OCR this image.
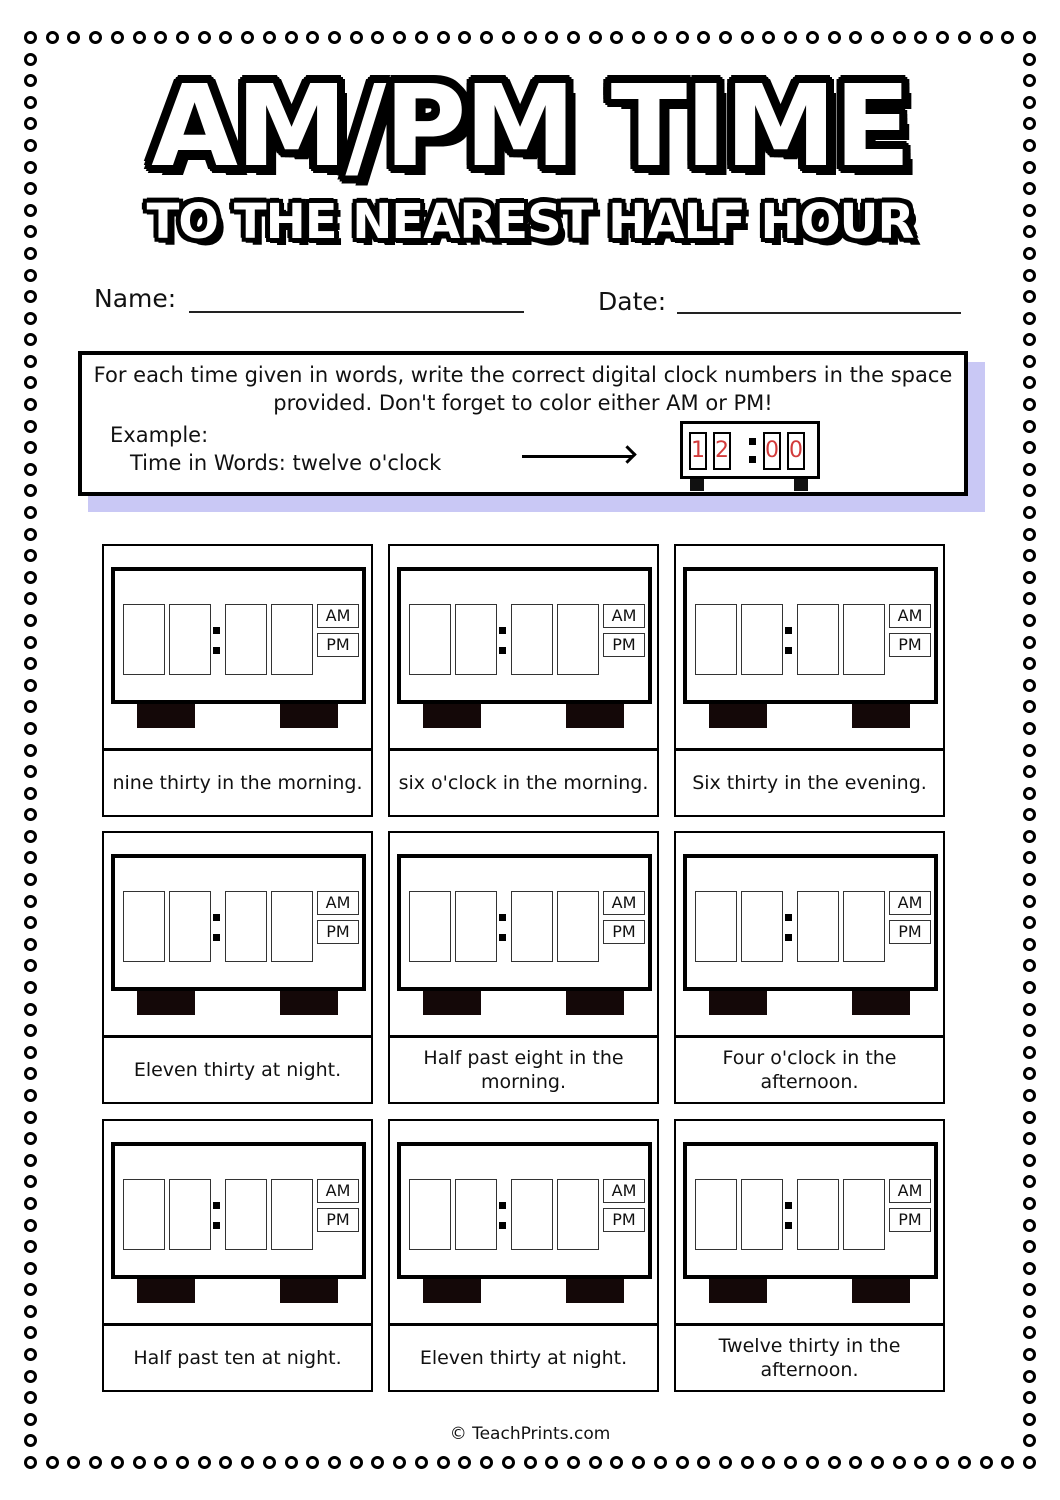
AM/PM TIME
TO THE NEAREST HALF HOUR
Name:	Date:
For each time given in words, write the correct digital clock numbers in the space provided. Don't forget to color either AM or PM!
Example:
Time in Words: twelve o'clock	1 2 0 0
AM
PM
nine thirty in the morning.
AM
PM
six o'clock in the morning.
AM
PM
Six thirty in the evening.
AM
PM
Eleven thirty at night.
AM
PM
Half past eight in the morning.
AM
PM
Four o'clock in the afternoon.
AM
PM
Half past ten at night.
AM
PM
Eleven thirty at night.
AM
PM
Twelve thirty in the afternoon.
© TeachPrints.com
